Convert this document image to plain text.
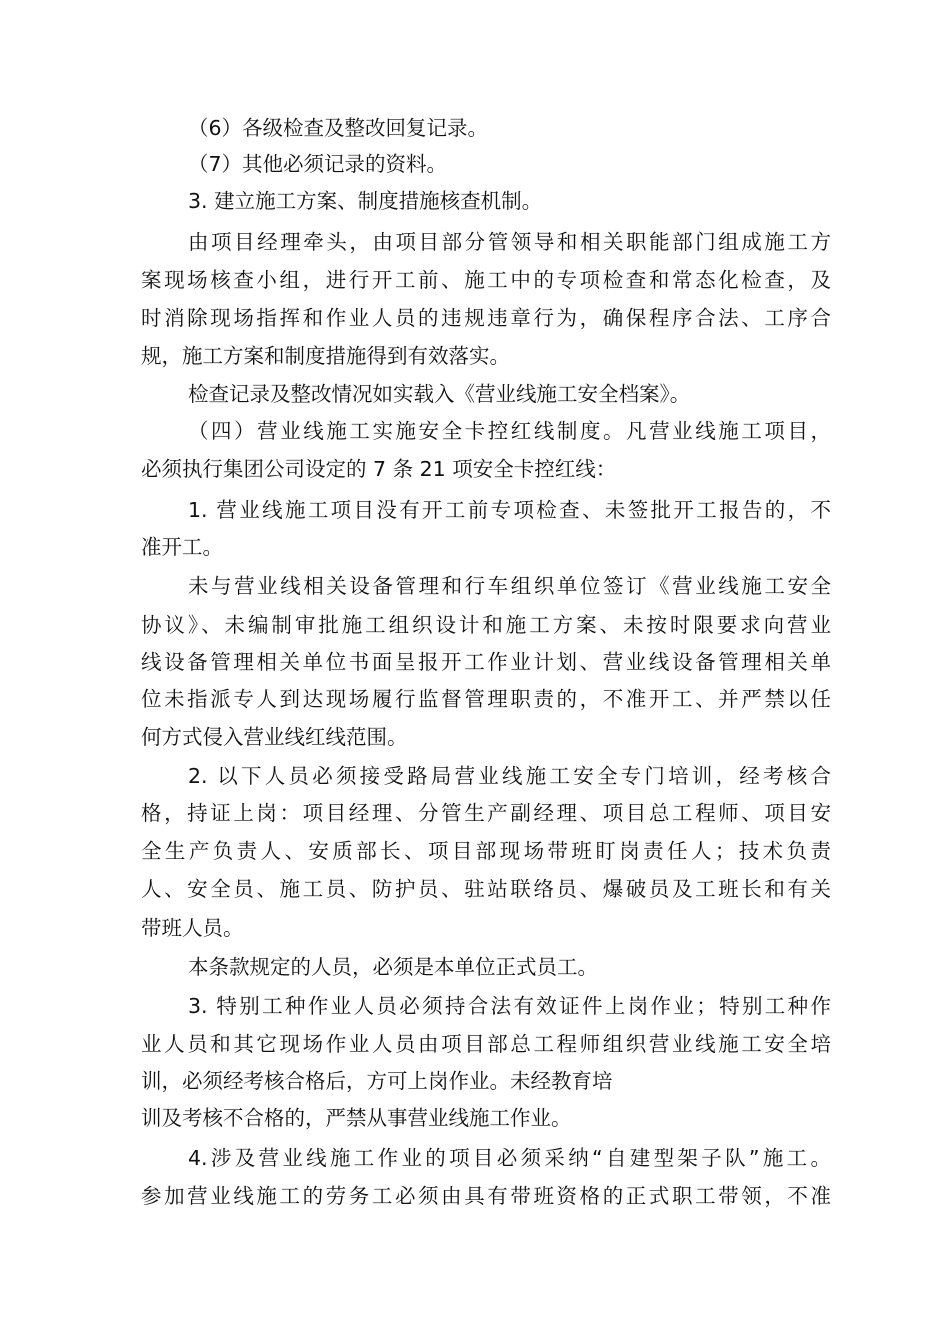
（6）各级检查及整改回复记录。

（7）其他必须记录的资料。

3. 建立施工方案、制度措施核查机制。

由项目经理牵头，由项目部分管领导和相关职能部门组成施工方

案现场核查小组，进行开工前、施工中的专项检查和常态化检查，及

时消除现场指挥和作业人员的违规违章行为，确保程序合法、工序合

规，施工方案和制度措施得到有效落实。

检查记录及整改情况如实载入《营业线施工安全档案》。

（四）营业线施工实施安全卡控红线制度。凡营业线施工项目，

必须执行集团公司设定的 7 条 21 项安全卡控红线：

1. 营业线施工项目没有开工前专项检查、未签批开工报告的，不

准开工。

未与营业线相关设备管理和行车组织单位签订《营业线施工安全

协议》、未编制审批施工组织设计和施工方案、未按时限要求向营业

线设备管理相关单位书面呈报开工作业计划、营业线设备管理相关单

位未指派专人到达现场履行监督管理职责的，不准开工、并严禁以任

何方式侵入营业线红线范围。

2. 以下人员必须接受路局营业线施工安全专门培训，经考核合

格，持证上岗：项目经理、分管生产副经理、项目总工程师、项目安

全生产负责人、安质部长、项目部现场带班盯岗责任人；技术负责

人、安全员、施工员、防护员、驻站联络员、爆破员及工班长和有关

带班人员。

本条款规定的人员，必须是本单位正式员工。

3. 特别工种作业人员必须持合法有效证件上岗作业；特别工种作

业人员和其它现场作业人员由项目部总工程师组织营业线施工安全培

训，必须经考核合格后，方可上岗作业。未经教育培

训及考核不合格的，严禁从事营业线施工作业。

4.涉及营业线施工作业的项目必须采纳“自建型架子队”施工。

参加营业线施工的劳务工必须由具有带班资格的正式职工带领，不准
